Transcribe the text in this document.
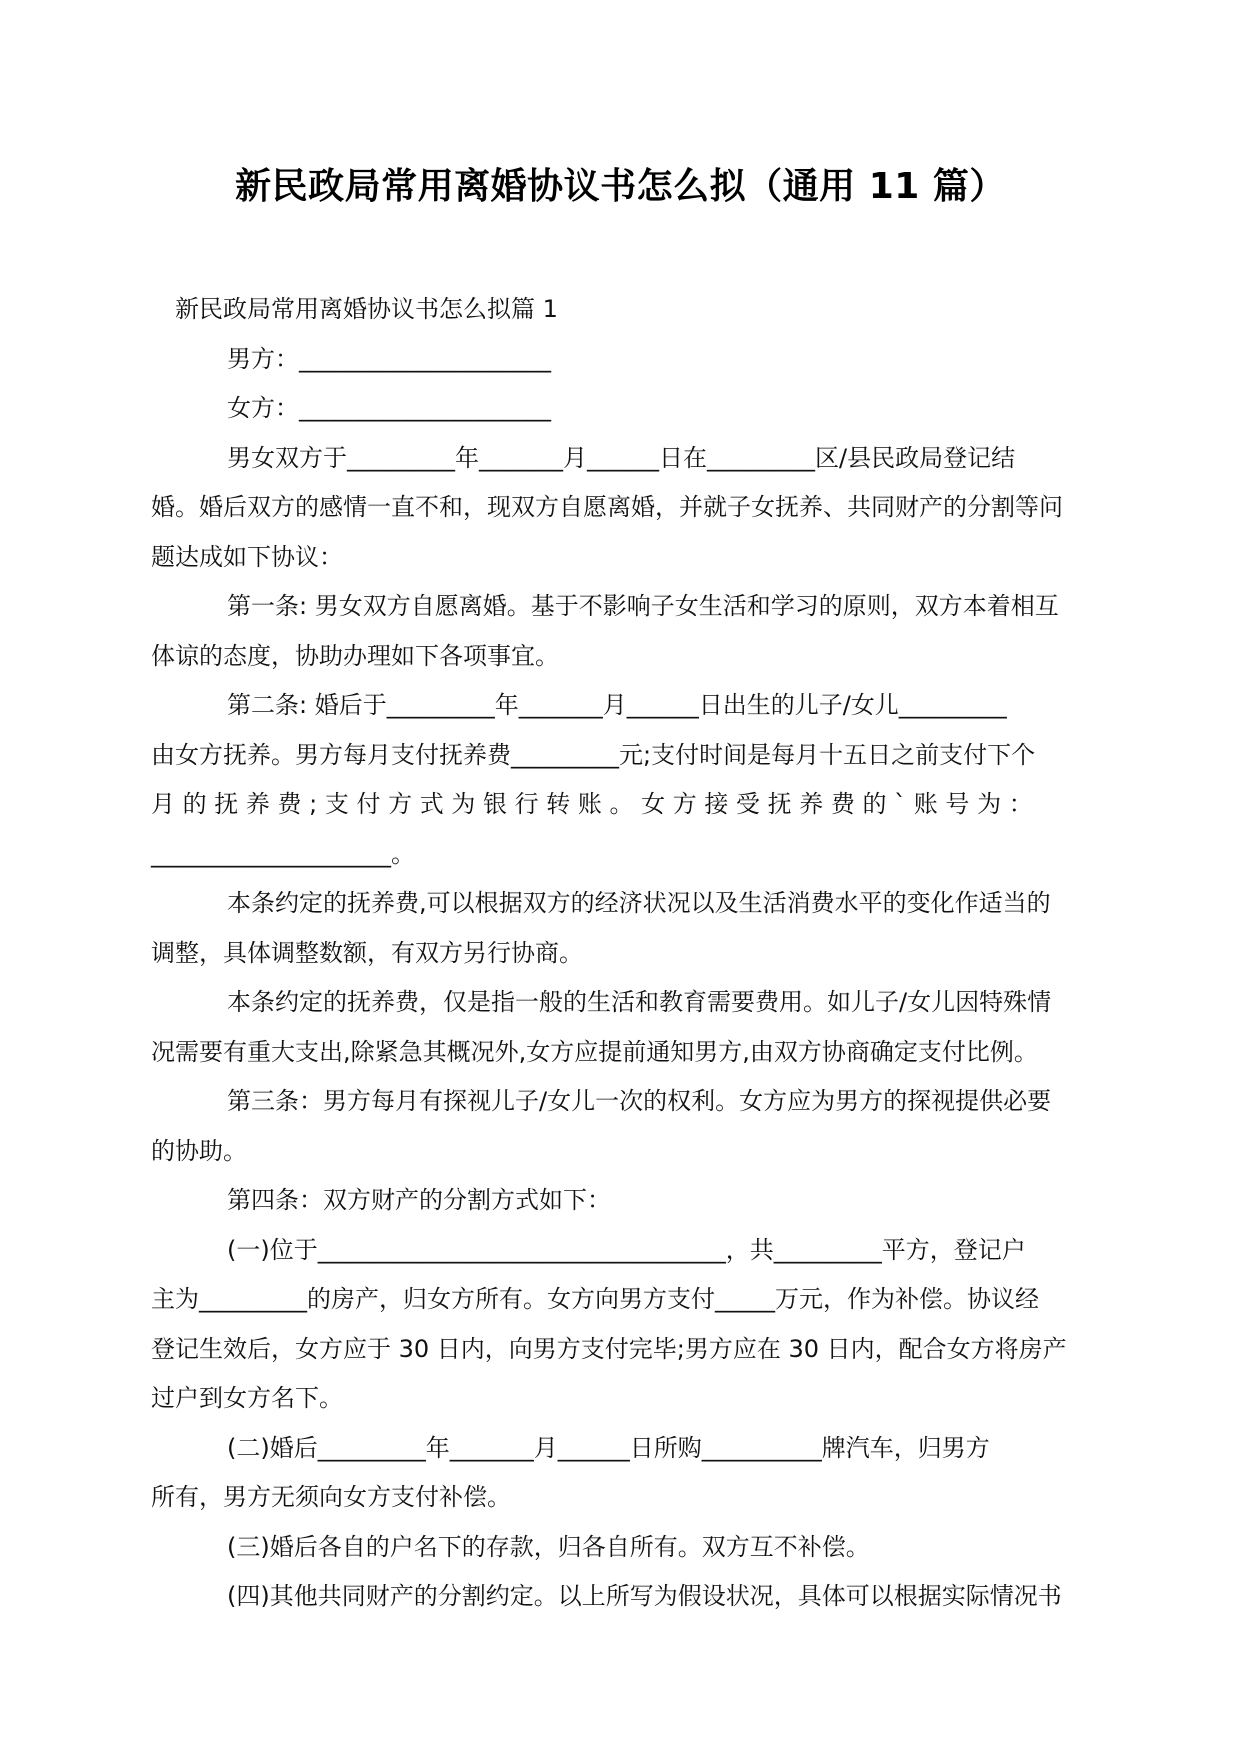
新民政局常用离婚协议书怎么拟（通用 11 篇）
新民政局常用离婚协议书怎么拟篇 1
男方：_____________________
女方：_____________________
男女双方于_________年_______月______日在_________区/县民政局登记结
婚。婚后双方的感情一直不和，现双方自愿离婚，并就子女抚养、共同财产的分割等问
题达成如下协议：
第一条: 男女双方自愿离婚。基于不影响子女生活和学习的原则，双方本着相互
体谅的态度，协助办理如下各项事宜。
第二条: 婚后于_________年_______月______日出生的儿子/女儿_________
由女方抚养。男方每月支付抚养费_________元;支付时间是每月十五日之前支付下个
月 的 抚 养 费 ; 支 付 方 式 为 银 行 转 账 。 女 方 接 受 抚 养 费 的 ` 账 号 为 ：
____________________。
本条约定的抚养费,可以根据双方的经济状况以及生活消费水平的变化作适当的
调整，具体调整数额，有双方另行协商。
本条约定的抚养费，仅是指一般的生活和教育需要费用。如儿子/女儿因特殊情
况需要有重大支出,除紧急其概况外,女方应提前通知男方,由双方协商确定支付比例。
第三条：男方每月有探视儿子/女儿一次的权利。女方应为男方的探视提供必要
的协助。
第四条：双方财产的分割方式如下：
(一)位于__________________________________，共_________平方，登记户
主为_________的房产，归女方所有。女方向男方支付_____万元，作为补偿。协议经
登记生效后，女方应于 30 日内，向男方支付完毕;男方应在 30 日内，配合女方将房产
过户到女方名下。
(二)婚后_________年_______月______日所购__________牌汽车，归男方
所有，男方无须向女方支付补偿。
(三)婚后各自的户名下的存款，归各自所有。双方互不补偿。
(四)其他共同财产的分割约定。以上所写为假设状况，具体可以根据实际情况书
